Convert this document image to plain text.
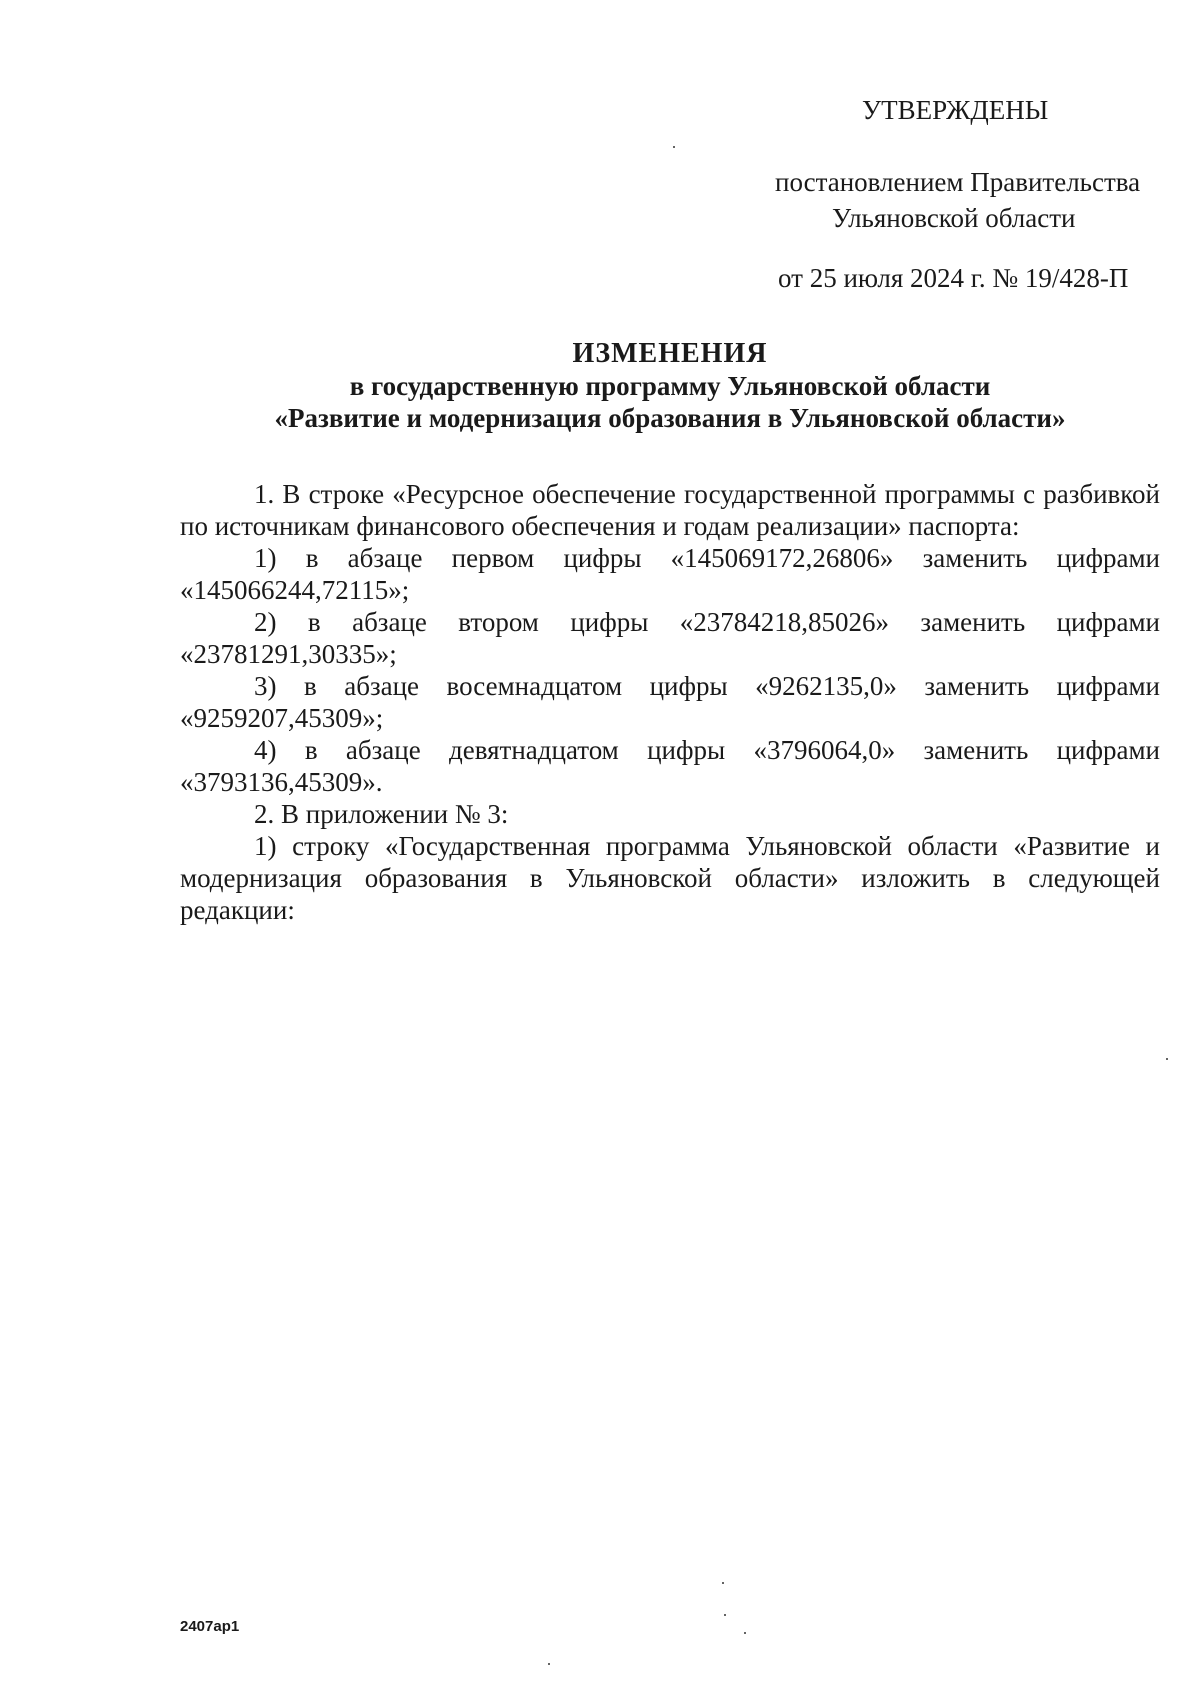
УТВЕРЖДЕНЫ
постановлением Правительства
Ульяновской области
от 25 июля 2024 г. № 19/428-П
ИЗМЕНЕНИЯ
в государственную программу Ульяновской области
«Развитие и модернизация образования в Ульяновской области»

1. В строке «Ресурсное обеспечение государственной программы с разбивкой по источникам финансового обеспечения и годам реализации» паспорта:

1) в абзаце первом цифры «145069172,26806» заменить цифрами «145066244,72115»;

2) в абзаце втором цифры «23784218,85026» заменить цифрами «23781291,30335»;

3) в абзаце восемнадцатом цифры «9262135,0» заменить цифрами «9259207,45309»;

4) в абзаце девятнадцатом цифры «3796064,0» заменить цифрами «3793136,45309».

2. В приложении № 3:

1) строку «Государственная программа Ульяновской области «Развитие и модернизация образования в Ульяновской области» изложить в следующей редакции:

2407ap1
